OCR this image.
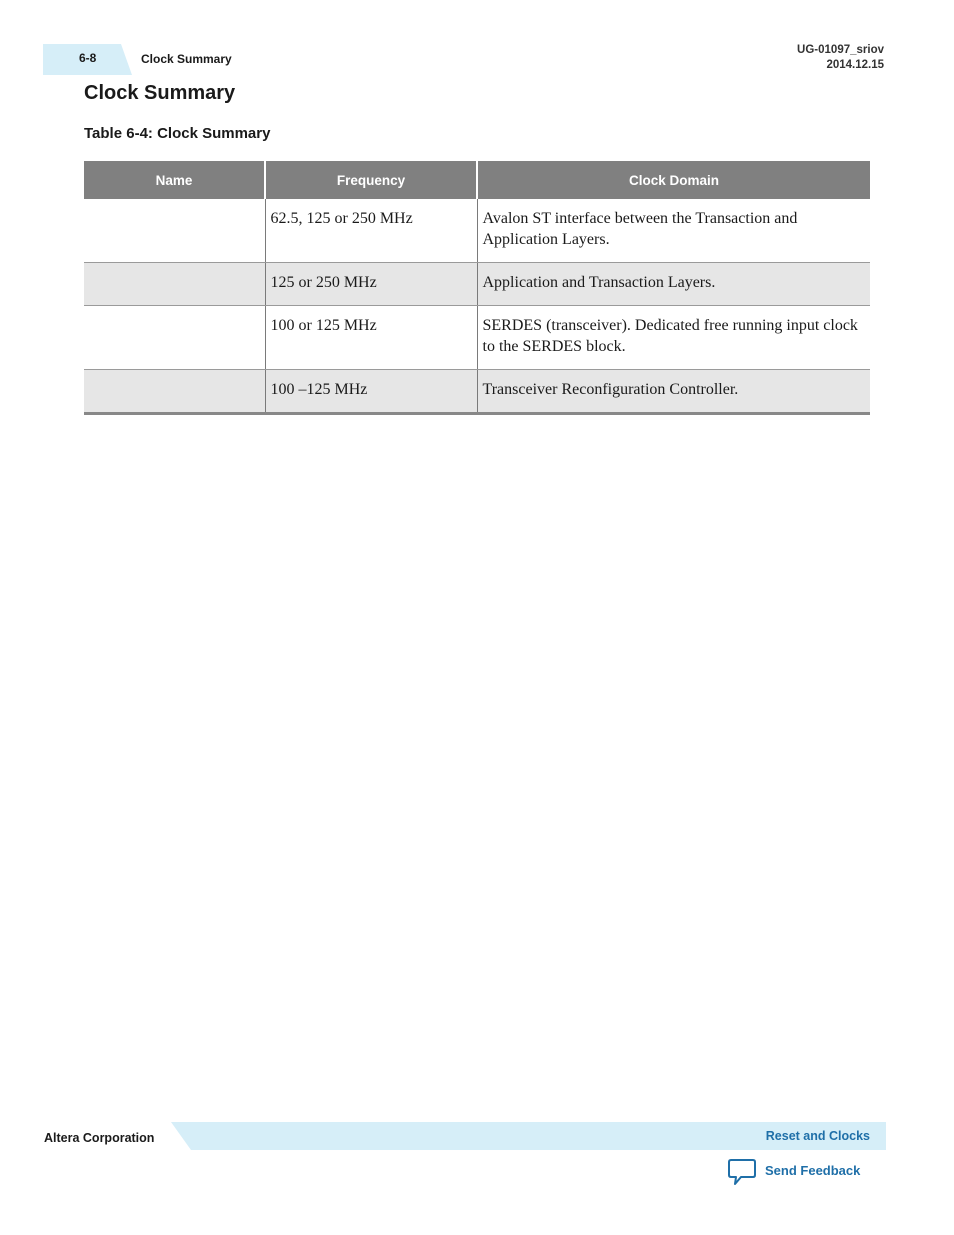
6-8	Clock Summary
UG-01097_sriov
2014.12.15
Clock Summary
Table 6-4: Clock Summary
Name	Frequency	Clock Domain
	62.5, 125 or 250 MHz	Avalon ST interface between the Transaction and Application Layers.
	125 or 250 MHz	Application and Transaction Layers.
	100 or 125 MHz	SERDES (transceiver). Dedicated free running input clock to the SERDES block.
	100 –125 MHz	Transceiver Reconfiguration Controller.
Altera Corporation	Reset and Clocks
Send Feedback
